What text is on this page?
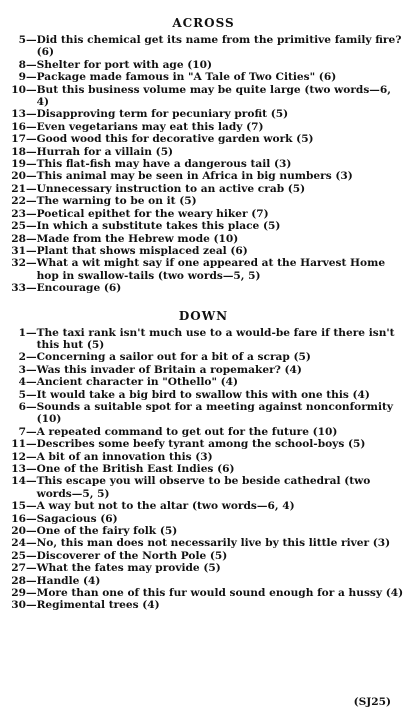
ACROSS
5 — Did this chemical get its name from the primitive family fire? (6)
8 — Shelter for port with age (10)
9 — Package made famous in "A Tale of Two Cities" (6)
10 — But this business volume may be quite large (two words—6, 4)
13 — Disapproving term for pecuniary profit (5)
16 — Even vegetarians may eat this lady (7)
17 — Good wood this for decorative garden work (5)
18 — Hurrah for a villain (5)
19 — This flat-fish may have a dangerous tail (3)
20 — This animal may be seen in Africa in big numbers (3)
21 — Unnecessary instruction to an active crab (5)
22 — The warning to be on it (5)
23 — Poetical epithet for the weary hiker (7)
25 — In which a substitute takes this place (5)
28 — Made from the Hebrew mode (10)
31 — Plant that shows misplaced zeal (6)
32 — What a wit might say if one appeared at the Harvest Home hop in swallow-tails (two words—5, 5)
33 — Encourage (6)
DOWN
1 — The taxi rank isn't much use to a would-be fare if there isn't this hut (5)
2 — Concerning a sailor out for a bit of a scrap (5)
3 — Was this invader of Britain a ropemaker? (4)
4 — Ancient character in "Othello" (4)
5 — It would take a big bird to swallow this with one this (4)
6 — Sounds a suitable spot for a meeting against nonconformity (10)
7 — A repeated command to get out for the future (10)
11 — Describes some beefy tyrant among the school-boys (5)
12 — A bit of an innovation this (3)
13 — One of the British East Indies (6)
14 — This escape you will observe to be beside cathedral (two words—5, 5)
15 — A way but not to the altar (two words—6, 4)
16 — Sagacious (6)
20 — One of the fairy folk (5)
24 — No, this man does not necessarily live by this little river (3)
25 — Discoverer of the North Pole (5)
27 — What the fates may provide (5)
28 — Handle (4)
29 — More than one of this fur would sound enough for a hussy (4)
30 — Regimental trees (4)
(SJ25)
